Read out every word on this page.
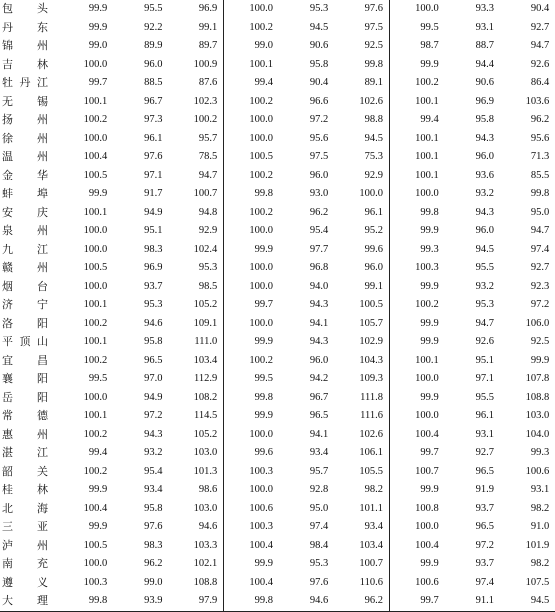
包 头	99.9	95.5	96.9	100.0	95.3	97.6	100.0	93.3	90.4

丹 东	99.9	92.2	99.1	100.2	94.5	97.5	99.5	93.1	92.7

锦 州	99.0	89.9	89.7	99.0	90.6	92.5	98.7	88.7	94.7

吉 林	100.0	96.0	100.9	100.1	95.8	99.8	99.9	94.4	92.6

牡 丹 江	99.7	88.5	87.6	99.4	90.4	89.1	100.2	90.6	86.4

无 锡	100.1	96.7	102.3	100.2	96.6	102.6	100.1	96.9	103.6

扬 州	100.2	97.3	100.2	100.0	97.2	98.8	99.4	95.8	96.2

徐 州	100.0	96.1	95.7	100.0	95.6	94.5	100.1	94.3	95.6

温 州	100.4	97.6	78.5	100.5	97.5	75.3	100.1	96.0	71.3

金 华	100.5	97.1	94.7	100.2	96.0	92.9	100.1	93.6	85.5

蚌 埠	99.9	91.7	100.7	99.8	93.0	100.0	100.0	93.2	99.8

安 庆	100.1	94.9	94.8	100.2	96.2	96.1	99.8	94.3	95.0

泉 州	100.0	95.1	92.9	100.0	95.4	95.2	99.9	96.0	94.7

九 江	100.0	98.3	102.4	99.9	97.7	99.6	99.3	94.5	97.4

赣 州	100.5	96.9	95.3	100.0	96.8	96.0	100.3	95.5	92.7

烟 台	100.0	93.7	98.5	100.0	94.0	99.1	99.9	93.2	92.3

济 宁	100.1	95.3	105.2	99.7	94.3	100.5	100.2	95.3	97.2

洛 阳	100.2	94.6	109.1	100.0	94.1	105.7	99.9	94.7	106.0

平 顶 山	100.1	95.8	111.0	99.9	94.3	102.9	99.9	92.6	92.5

宜 昌	100.2	96.5	103.4	100.2	96.0	104.3	100.1	95.1	99.9

襄 阳	99.5	97.0	112.9	99.5	94.2	109.3	100.0	97.1	107.8

岳 阳	100.0	94.9	108.2	99.8	96.7	111.8	99.9	95.5	108.8

常 德	100.1	97.2	114.5	99.9	96.5	111.6	100.0	96.1	103.0

惠 州	100.2	94.3	105.2	100.0	94.1	102.6	100.4	93.1	104.0

湛 江	99.4	93.2	103.0	99.6	93.4	106.1	99.7	92.7	99.3

韶 关	100.2	95.4	101.3	100.3	95.7	105.5	100.7	96.5	100.6

桂 林	99.9	93.4	98.6	100.0	92.8	98.2	99.9	91.9	93.1

北 海	100.4	95.8	103.0	100.6	95.0	101.1	100.8	93.7	98.2

三 亚	99.9	97.6	94.6	100.3	97.4	93.4	100.0	96.5	91.0

泸 州	100.5	98.3	103.3	100.4	98.4	103.4	100.4	97.2	101.9

南 充	100.0	96.2	102.1	99.9	95.3	100.7	99.9	93.7	98.2

遵 义	100.3	99.0	108.8	100.4	97.6	110.6	100.6	97.4	107.5

大 理	99.8	93.9	97.9	99.8	94.6	96.2	99.7	91.1	94.5
